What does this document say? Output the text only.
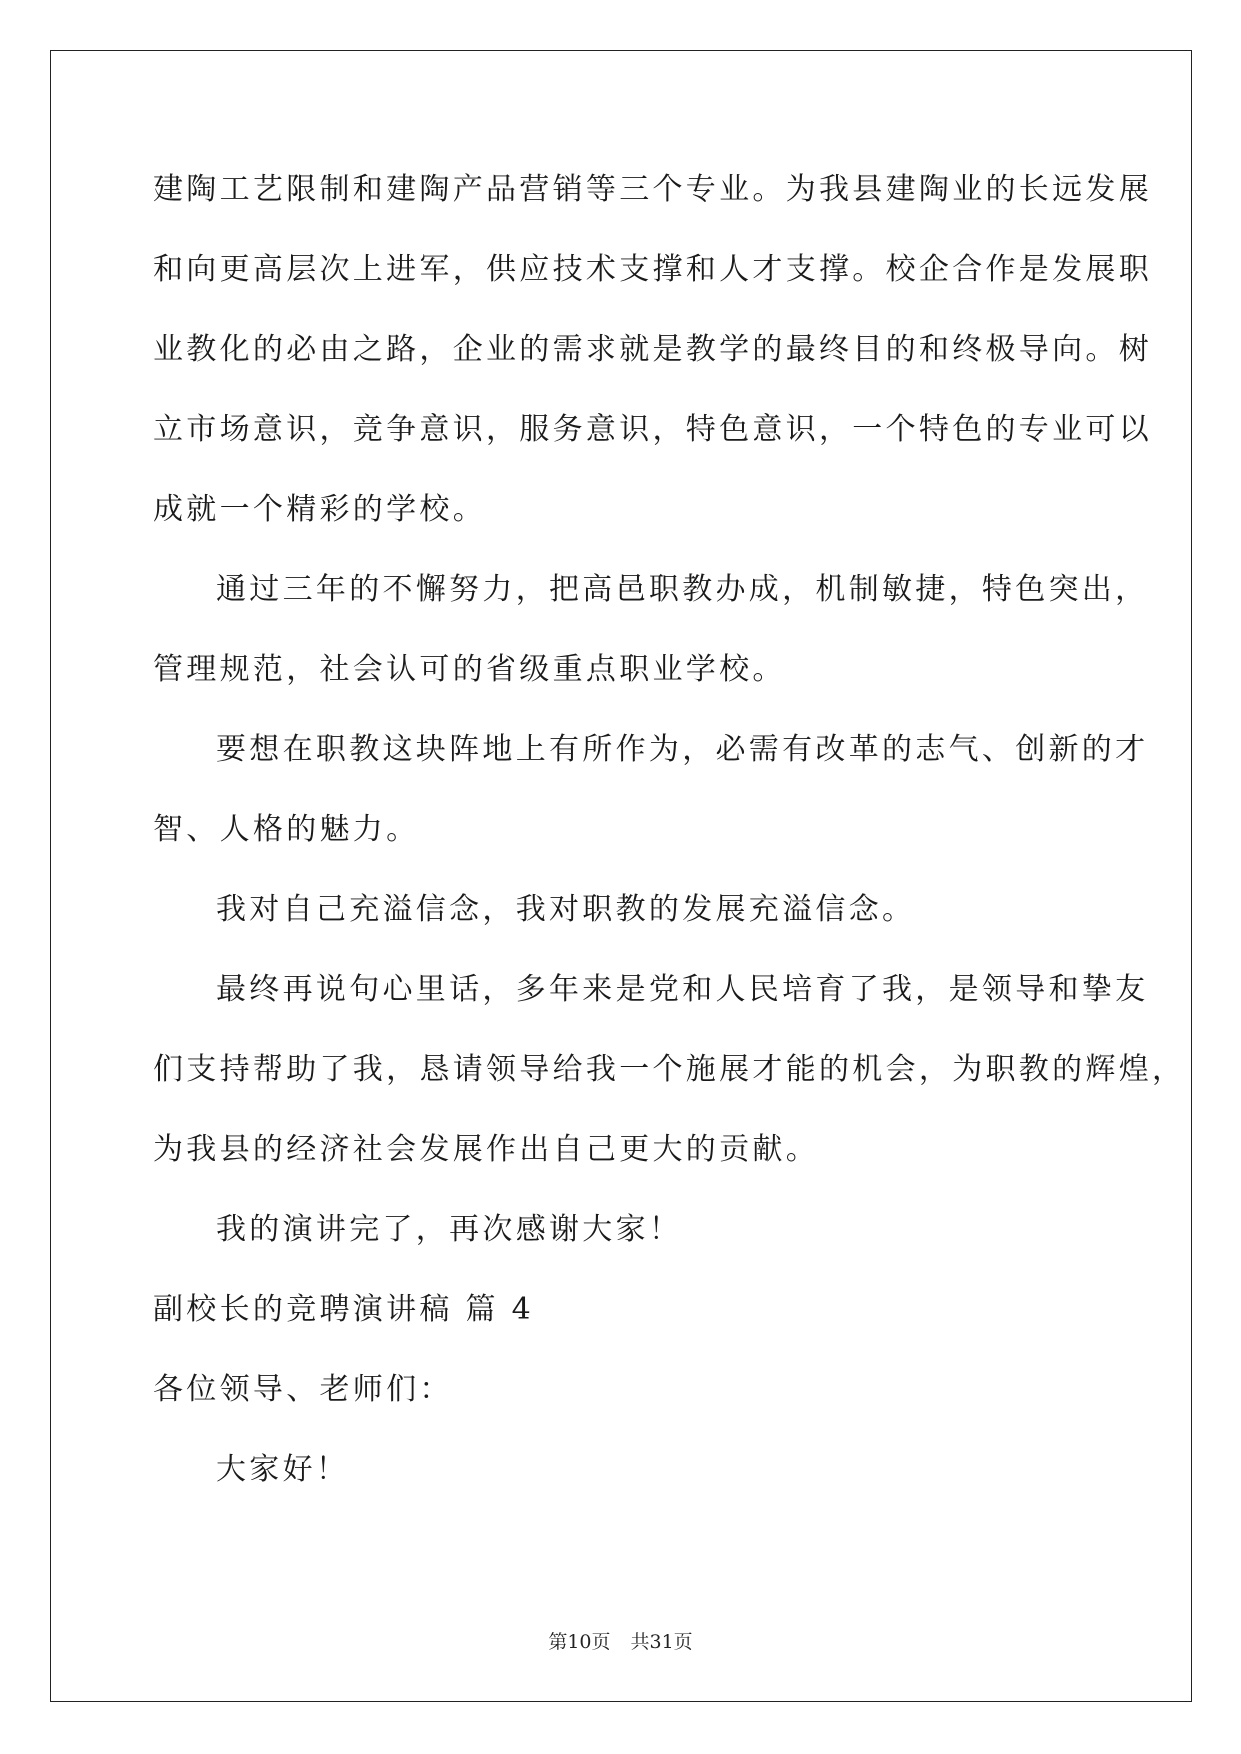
建陶工艺限制和建陶产品营销等三个专业。为我县建陶业的长远发展
和向更高层次上进军，供应技术支撑和人才支撑。校企合作是发展职
业教化的必由之路，企业的需求就是教学的最终目的和终极导向。树
立市场意识，竞争意识，服务意识，特色意识，一个特色的专业可以
成就一个精彩的学校。
通过三年的不懈努力，把高邑职教办成，机制敏捷，特色突出，
管理规范，社会认可的省级重点职业学校。
要想在职教这块阵地上有所作为，必需有改革的志气、创新的才
智、人格的魅力。
我对自己充溢信念，我对职教的发展充溢信念。
最终再说句心里话，多年来是党和人民培育了我，是领导和挚友
们支持帮助了我，恳请领导给我一个施展才能的机会，为职教的辉煌，
为我县的经济社会发展作出自己更大的贡献。
我的演讲完了，再次感谢大家！
副校长的竞聘演讲稿 篇 4
各位领导、老师们：
大家好！
第10页 共31页
